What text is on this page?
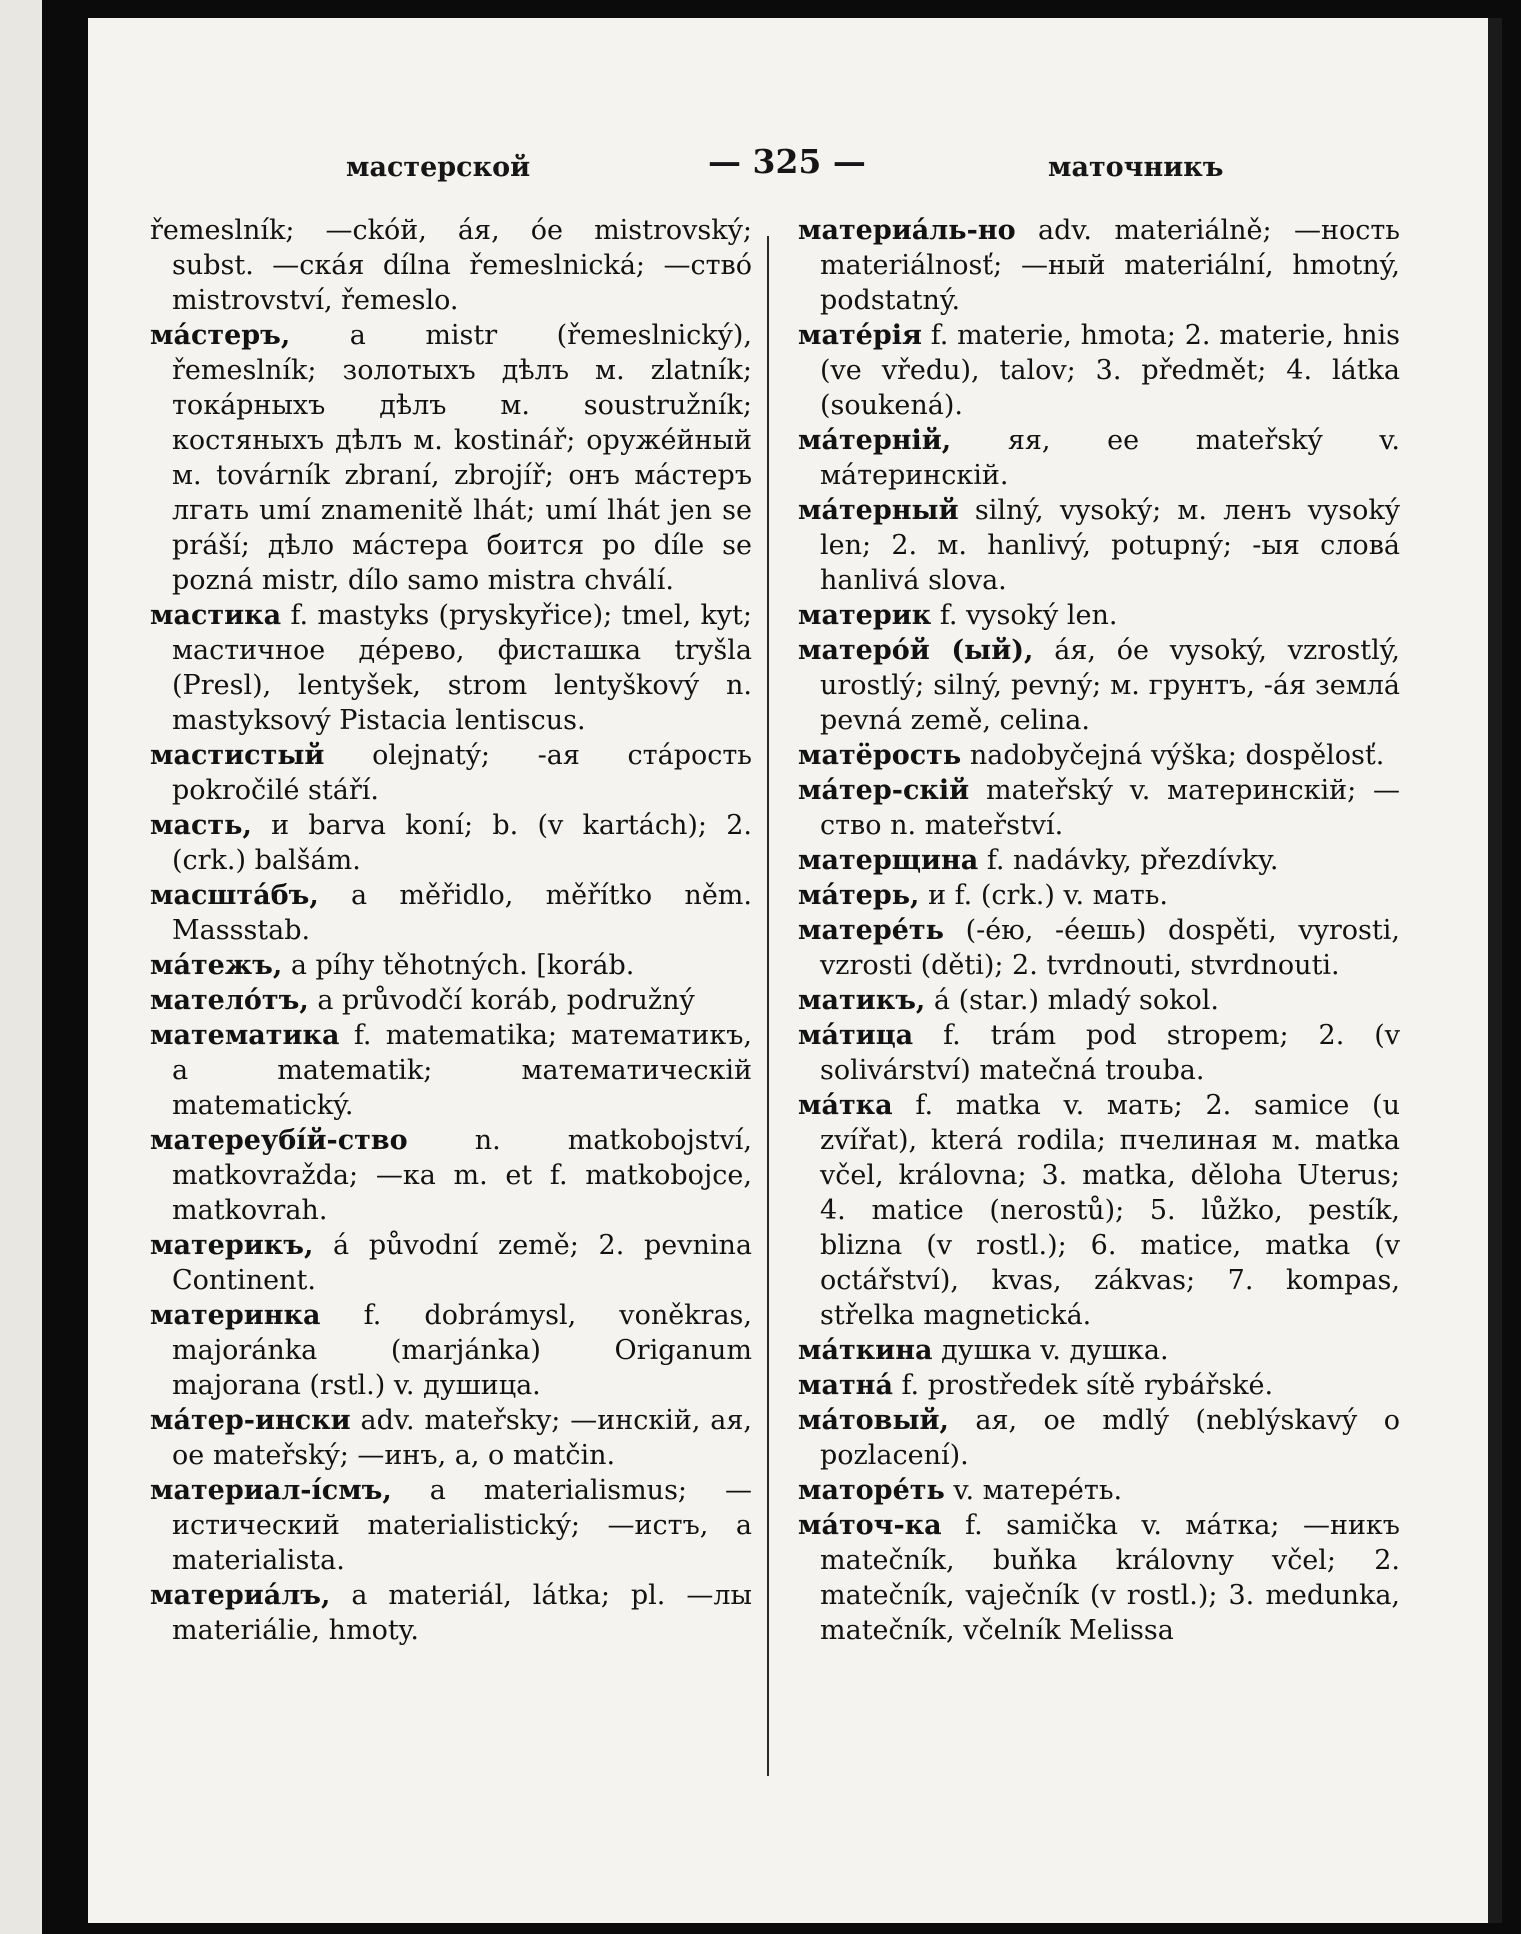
мастерской	— 325 —	маточникъ

řemeslník; —ckóй, áя, óe mistrovský; subst. —cкáя dílna řemeslnická; —ствó mistrovství, řemeslo.

мáстеръ, a mistr (řemeslnický), řemeslník; золотыхъ дѣлъ м. zlatník; токáрныхъ дѣлъ м. soustružník; костяныхъ дѣлъ м. kostinář; оружéйный м. továrník zbraní, zbrojíř; онъ мáстеръ лгать umí znamenitě lhát; umí lhát jen se práší; дѣло мáстера боится po díle se pozná mistr, dílo samo mistra chválí.

мастика f. mastyks (pryskyřice); tmel, kyt; мастичное дéрево, фисташка tryšla (Presl), lentyšek, strom lentyškový n. mastyksový Pistacia lentiscus.

мастистый olejnatý; -ая стáрость pokročilé stáří.

масть, и barva koní; b. (v kartách); 2. (crk.) balšám.

масштáбъ, a měřidlo, měřítko něm. Massstab.

мáтежъ, a píhy těhotných. [koráb.

мателóтъ, a průvodčí koráb, podružný

математика f. matematika; математикъ, a matematik; математическій matematický.

матереубíй-ство n. matkobojství, matkovražda; —ка m. et f. matkobojce, matkovrah.

материкъ, á původní země; 2. pevnina Continent.

материнка f. dobrámysl, voněkras, majoránka (marjánka) Origanum majorana (rstl.) v. душица.

мáтер-ински adv. mateřsky; —инскій, ая, ое mateřský; —инъ, а, о matčin.

материал-íсмъ, a materialismus; —истический materialistický; —истъ, a materialista.

материáлъ, a materiál, látka; pl. —лы materiálie, hmoty.

материáль-но adv. materiálně; —ность materiálnosť; —ный materiální, hmotný, podstatný.

матéрія f. materie, hmota; 2. materie, hnis (ve vředu), talov; 3. předmět; 4. látka (soukená).

мáтерній, яя, ее mateřský v. мáтеринскій.

мáтерный silný, vysoký; м. ленъ vysoký len; 2. м. hanlivý, potupný; -ыя словá hanlivá slova.

материк f. vysoký len.

матерóй (ый), áя, óе vysoký, vzrostlý, urostlý; silný, pevný; м. грунтъ, -áя землá pevná země, celina.

матёрость nadobyčejná výška; dospělosť.

мáтер-скій mateřský v. материнскій; —ство n. mateřství.

матерщина f. nadávky, přezdívky.

мáтерь, и f. (crk.) v. мать.

матерéть (-éю, -éешь) dospěti, vyrosti, vzrosti (děti); 2. tvrdnouti, stvrdnouti.

матикъ, á (star.) mladý sokol.

мáтица f. trám pod stropem; 2. (v solivárství) matečná trouba.

мáтка f. matka v. мать; 2. samice (u zvířat), která rodila; пчелиная м. matka včel, královna; 3. matka, děloha Uterus; 4. matice (nerostů); 5. lůžko, pestík, blizna (v rostl.); 6. matice, matka (v octářství), kvas, zákvas; 7. kompas, střelka magnetická.

мáткина душка v. душка.

матнá f. prostředek sítě rybářské.

мáтовый, ая, ое mdlý (neblýskavý o pozlacení).

маторéть v. матерéть.

мáточ-ка f. samička v. мáтка; —никъ matečník, buňka královny včel; 2. matečník, vaječník (v rostl.); 3. medunka, matečník, včelník Melissa
